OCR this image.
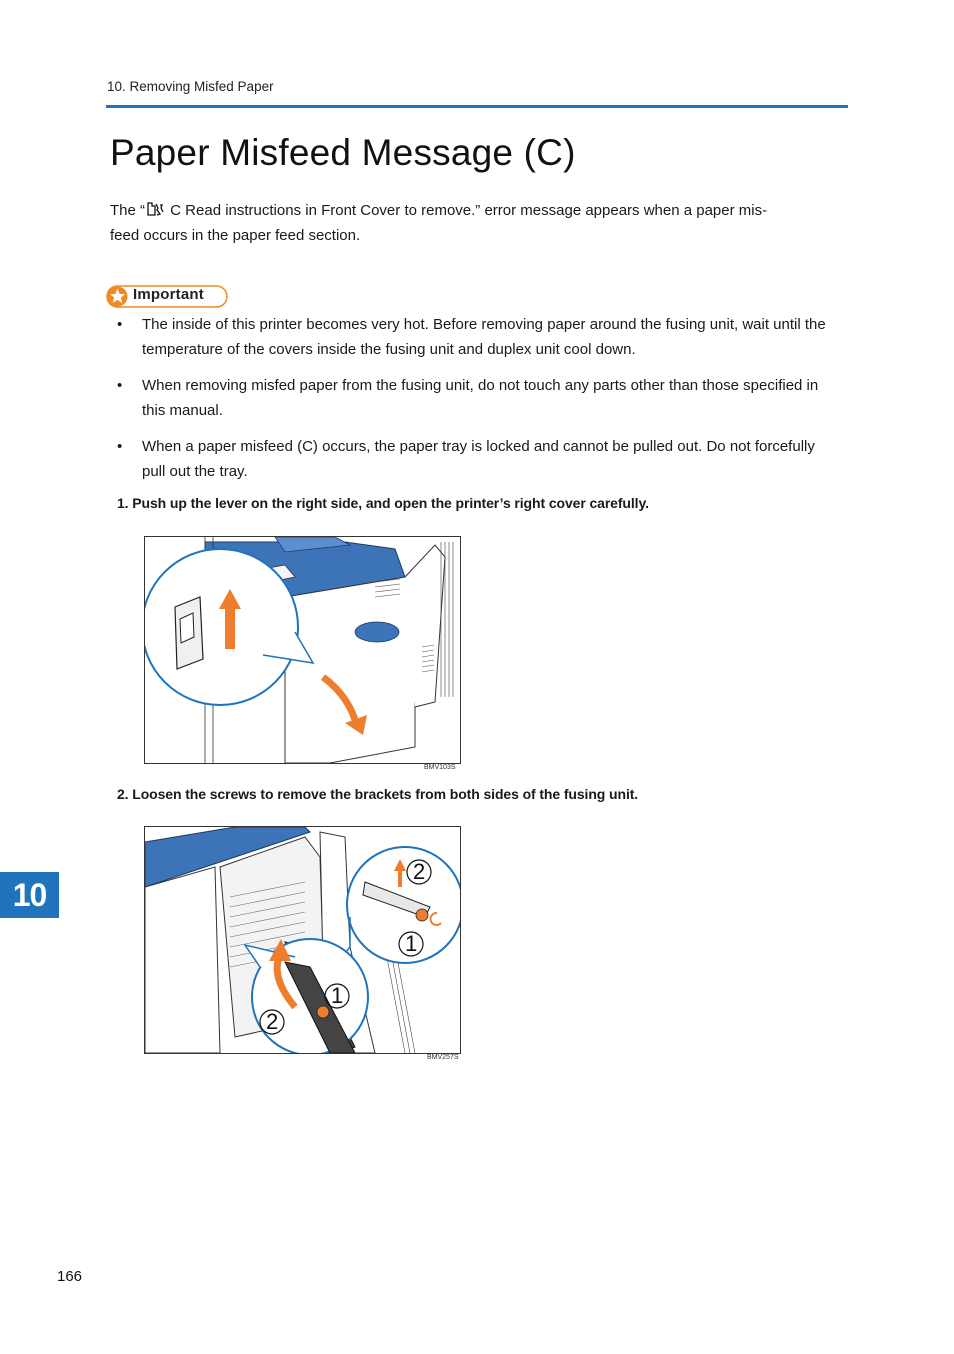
10. Removing Misfed Paper
Paper Misfeed Message (C)
The “ C Read instructions in Front Cover to remove.” error message appears when a paper mis-
feed occurs in the paper feed section.
Important
• The inside of this printer becomes very hot. Before removing paper around the fusing unit, wait until the
temperature of the covers inside the fusing unit and duplex unit cool down.
• When removing misfed paper from the fusing unit, do not touch any parts other than those specified in
this manual.
• When a paper misfeed (C) occurs, the paper tray is locked and cannot be pulled out. Do not forcefully
pull out the tray.
1. Push up the lever on the right side, and open the printer’s right cover carefully.
BMV103S
2. Loosen the screws to remove the brackets from both sides of the fusing unit.
2
1
1
2
BMV257S
10
166
